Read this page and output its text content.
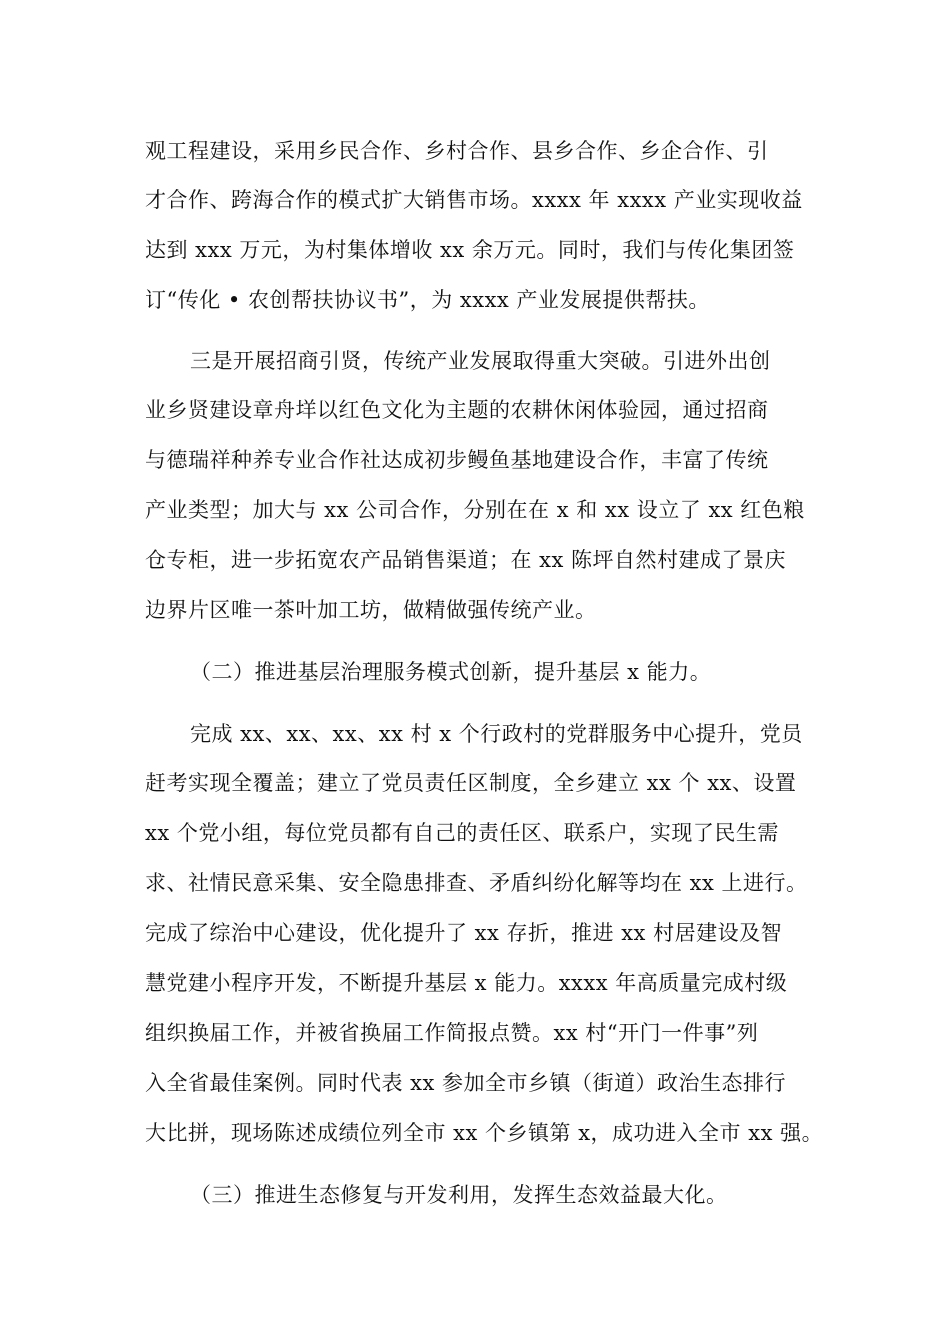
观工程建设，采用乡民合作、乡村合作、县乡合作、乡企合作、引
才合作、跨海合作的模式扩大销售市场。xxxx 年 xxxx 产业实现收益
达到 xxx 万元，为村集体增收 xx 余万元。同时，我们与传化集团签
订“传化 • 农创帮扶协议书”，为 xxxx 产业发展提供帮扶。
三是开展招商引贤，传统产业发展取得重大突破。引进外出创
业乡贤建设章舟垟以红色文化为主题的农耕休闲体验园，通过招商
与德瑞祥种养专业合作社达成初步鳗鱼基地建设合作，丰富了传统
产业类型；加大与 xx 公司合作，分别在在 x 和 xx 设立了 xx 红色粮
仓专柜，进一步拓宽农产品销售渠道；在 xx 陈坪自然村建成了景庆
边界片区唯一茶叶加工坊，做精做强传统产业。
（二）推进基层治理服务模式创新，提升基层 x 能力。
完成 xx、xx、xx、xx 村 x 个行政村的党群服务中心提升，党员
赶考实现全覆盖；建立了党员责任区制度，全乡建立 xx 个 xx、设置
xx 个党小组，每位党员都有自己的责任区、联系户，实现了民生需
求、社情民意采集、安全隐患排查、矛盾纠纷化解等均在 xx 上进行。
完成了综治中心建设，优化提升了 xx 存折，推进 xx 村居建设及智
慧党建小程序开发，不断提升基层 x 能力。xxxx 年高质量完成村级
组织换届工作，并被省换届工作简报点赞。xx 村“开门一件事”列
入全省最佳案例。同时代表 xx 参加全市乡镇（街道）政治生态排行
大比拼，现场陈述成绩位列全市 xx 个乡镇第 x，成功进入全市 xx 强。
（三）推进生态修复与开发利用，发挥生态效益最大化。
